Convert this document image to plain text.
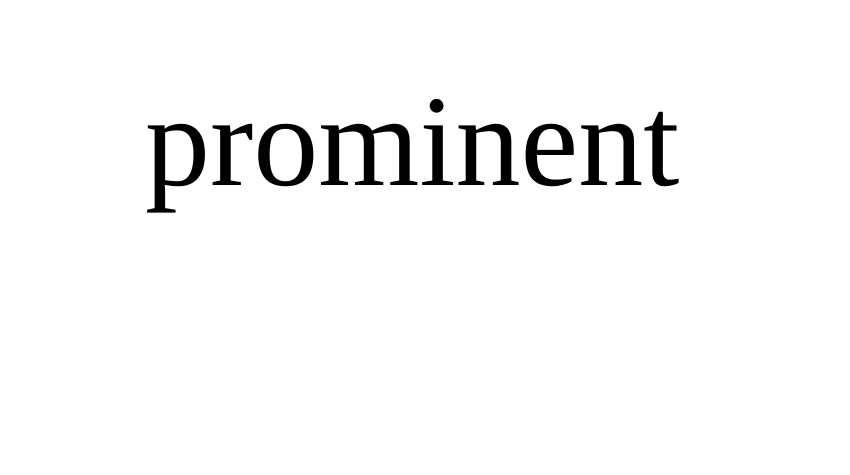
prominent
